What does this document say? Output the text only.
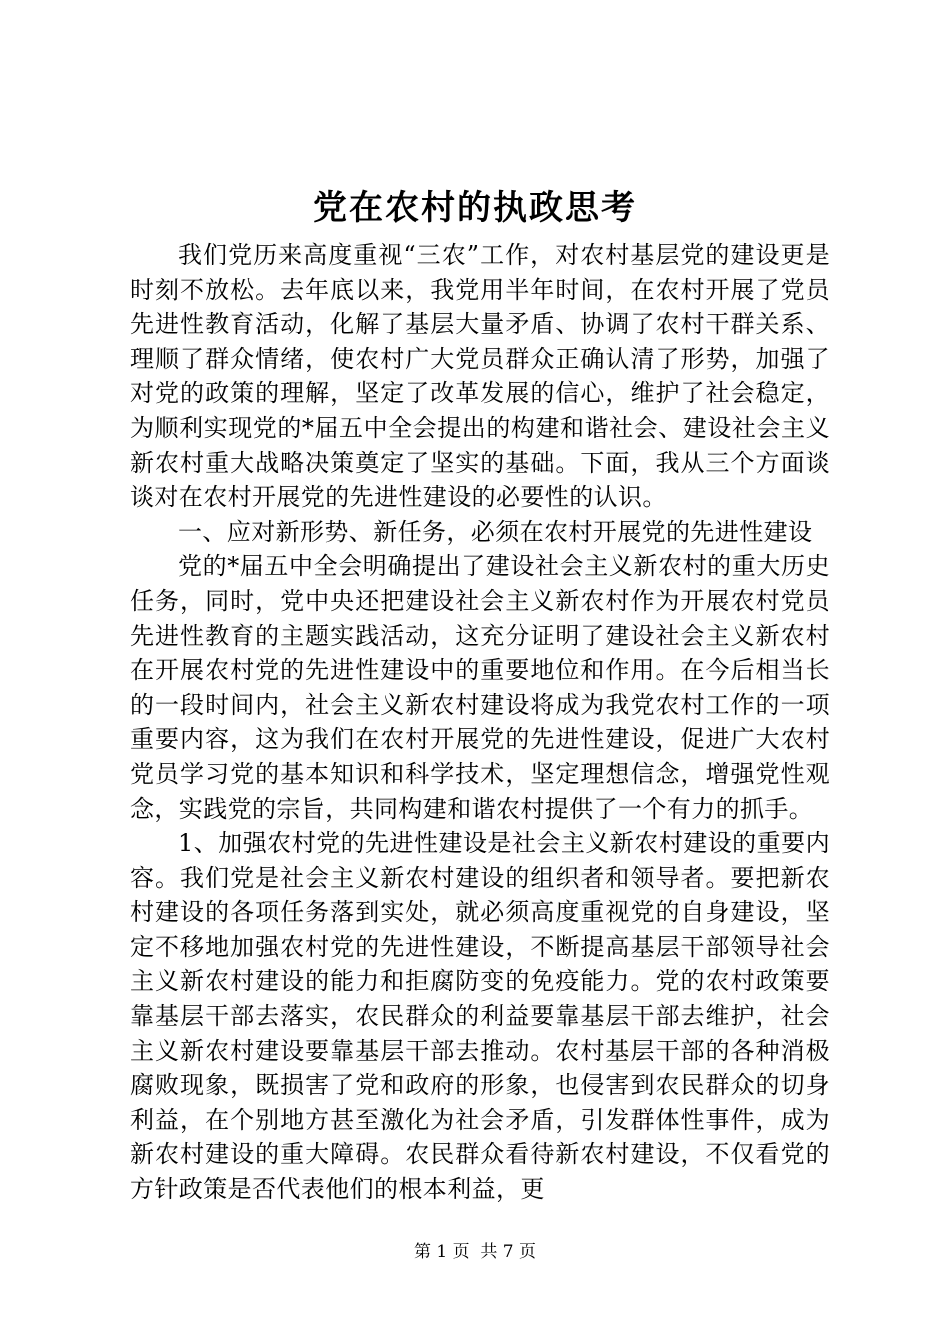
党在农村的执政思考

我们党历来高度重视“三农”工作，对农村基层党的建设更是时刻不放松。去年底以来，我党用半年时间，在农村开展了党员先进性教育活动，化解了基层大量矛盾、协调了农村干群关系、理顺了群众情绪，使农村广大党员群众正确认清了形势，加强了对党的政策的理解，坚定了改革发展的信心，维护了社会稳定，为顺利实现党的*届五中全会提出的构建和谐社会、建设社会主义新农村重大战略决策奠定了坚实的基础。下面，我从三个方面谈谈对在农村开展党的先进性建设的必要性的认识。

一、应对新形势、新任务，必须在农村开展党的先进性建设

党的*届五中全会明确提出了建设社会主义新农村的重大历史任务，同时，党中央还把建设社会主义新农村作为开展农村党员先进性教育的主题实践活动，这充分证明了建设社会主义新农村在开展农村党的先进性建设中的重要地位和作用。在今后相当长的一段时间内，社会主义新农村建设将成为我党农村工作的一项重要内容，这为我们在农村开展党的先进性建设，促进广大农村党员学习党的基本知识和科学技术，坚定理想信念，增强党性观念，实践党的宗旨，共同构建和谐农村提供了一个有力的抓手。

1、加强农村党的先进性建设是社会主义新农村建设的重要内容。我们党是社会主义新农村建设的组织者和领导者。要把新农村建设的各项任务落到实处，就必须高度重视党的自身建设，坚定不移地加强农村党的先进性建设，不断提高基层干部领导社会主义新农村建设的能力和拒腐防变的免疫能力。党的农村政策要靠基层干部去落实，农民群众的利益要靠基层干部去维护，社会主义新农村建设要靠基层干部去推动。农村基层干部的各种消极腐败现象，既损害了党和政府的形象，也侵害到农民群众的切身利益，在个别地方甚至激化为社会矛盾，引发群体性事件，成为新农村建设的重大障碍。农民群众看待新农村建设，不仅看党的方针政策是否代表他们的根本利益，更

第 1 页  共 7 页
